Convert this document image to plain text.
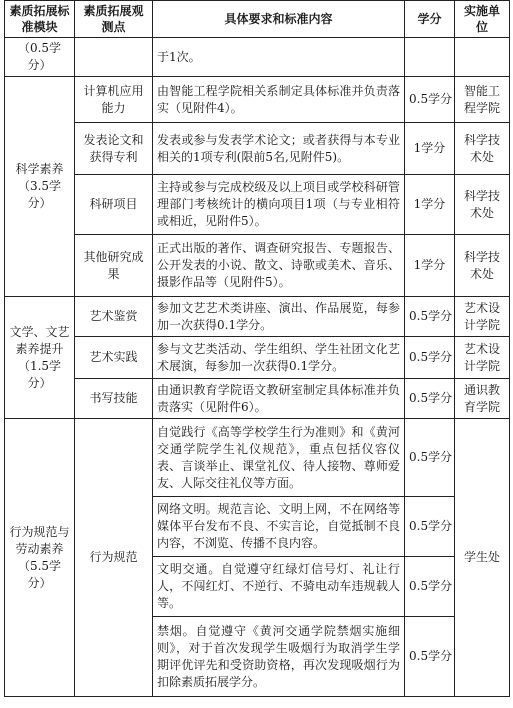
素质拓展标准模块	素质拓展观测点	具体要求和标准内容	学分	实施单位
（0.5学分）		于1次。		
科学素养（3.5学分）	计算机应用能力	由智能工程学院相关系制定具体标准并负责落实（见附件4）。	0.5学分	智能工程学院
	发表论文和获得专利	发表或参与发表学术论文；或者获得与本专业相关的1项专利(限前5名,见附件5)。	1学分	科学技术处
	科研项目	主持或参与完成校级及以上项目或学校科研管理部门考核统计的横向项目1项（与专业相符或相近，见附件5）。	1学分	科学技术处
	其他研究成果	正式出版的著作、调查研究报告、专题报告、公开发表的小说、散文、诗歌或美术、音乐、摄影作品等（见附件5）。	1学分	科学技术处
文学、文艺素养提升（1.5学分）	艺术鉴赏	参加文艺艺术类讲座、演出、作品展览，每参加一次获得0.1学分。	0.5学分	艺术设计学院
	艺术实践	参与文艺类活动、学生组织、学生社团文化艺术展演，每参加一次获得0.1学分。	0.5学分	艺术设计学院
	书写技能	由通识教育学院语文教研室制定具体标准并负责落实（见附件6）。	0.5学分	通识教育学院
行为规范与劳动素养（5.5学分）	行为规范	自觉践行《高等学校学生行为准则》和《黄河交通学院学生礼仪规范》，重点包括仪容仪表、言谈举止、课堂礼仪、待人接物、尊师爱友、人际交往礼仪等方面。	0.5学分	学生处
		网络文明。规范言论、文明上网，不在网络等媒体平台发布不良、不实言论，自觉抵制不良内容，不浏览、传播不良内容。	0.5学分	
		文明交通。自觉遵守红绿灯信号灯、礼让行人，不闯红灯、不逆行、不骑电动车违规载人等。	0.5学分	
		禁烟。自觉遵守《黄河交通学院禁烟实施细则》，对于首次发现学生吸烟行为取消学生学期评优评先和受资助资格，再次发现吸烟行为扣除素质拓展学分。	0.5学分	
